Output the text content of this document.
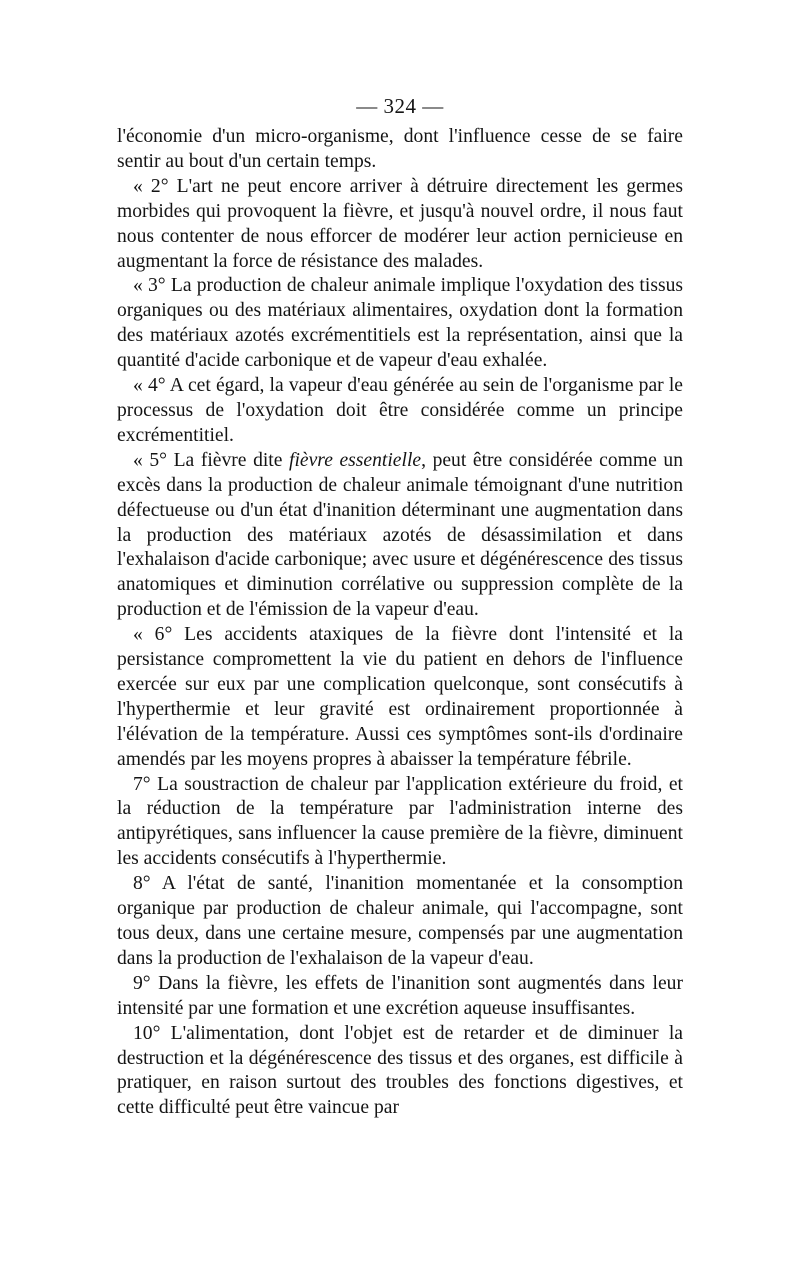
— 324 —

l'économie d'un micro-organisme, dont l'influence cesse de se faire sentir au bout d'un certain temps.

« 2° L'art ne peut encore arriver à détruire directement les germes morbides qui provoquent la fièvre, et jusqu'à nouvel ordre, il nous faut nous contenter de nous efforcer de modérer leur action pernicieuse en augmentant la force de résistance des malades.

« 3° La production de chaleur animale implique l'oxydation des tissus organiques ou des matériaux alimentaires, oxydation dont la formation des matériaux azotés excrémentitiels est la représentation, ainsi que la quantité d'acide carbonique et de vapeur d'eau exhalée.

« 4° A cet égard, la vapeur d'eau générée au sein de l'organisme par le processus de l'oxydation doit être considérée comme un principe excrémentitiel.

« 5° La fièvre dite fièvre essentielle, peut être considérée comme un excès dans la production de chaleur animale témoignant d'une nutrition défectueuse ou d'un état d'inanition déterminant une augmentation dans la production des matériaux azotés de désassimilation et dans l'exhalaison d'acide carbonique; avec usure et dégénérescence des tissus anatomiques et diminution corrélative ou suppression complète de la production et de l'émission de la vapeur d'eau.

« 6° Les accidents ataxiques de la fièvre dont l'intensité et la persistance compromettent la vie du patient en dehors de l'influence exercée sur eux par une complication quelconque, sont consécutifs à l'hyperthermie et leur gravité est ordinairement proportionnée à l'élévation de la température. Aussi ces symptômes sont-ils d'ordinaire amendés par les moyens propres à abaisser la température fébrile.

7° La soustraction de chaleur par l'application extérieure du froid, et la réduction de la température par l'administration interne des antipyrétiques, sans influencer la cause première de la fièvre, diminuent les accidents consécutifs à l'hyperthermie.

8° A l'état de santé, l'inanition momentanée et la consomption organique par production de chaleur animale, qui l'accompagne, sont tous deux, dans une certaine mesure, compensés par une augmentation dans la production de l'exhalaison de la vapeur d'eau.

9° Dans la fièvre, les effets de l'inanition sont augmentés dans leur intensité par une formation et une excrétion aqueuse insuffisantes.

10° L'alimentation, dont l'objet est de retarder et de diminuer la destruction et la dégénérescence des tissus et des organes, est difficile à pratiquer, en raison surtout des troubles des fonctions digestives, et cette difficulté peut être vaincue par
